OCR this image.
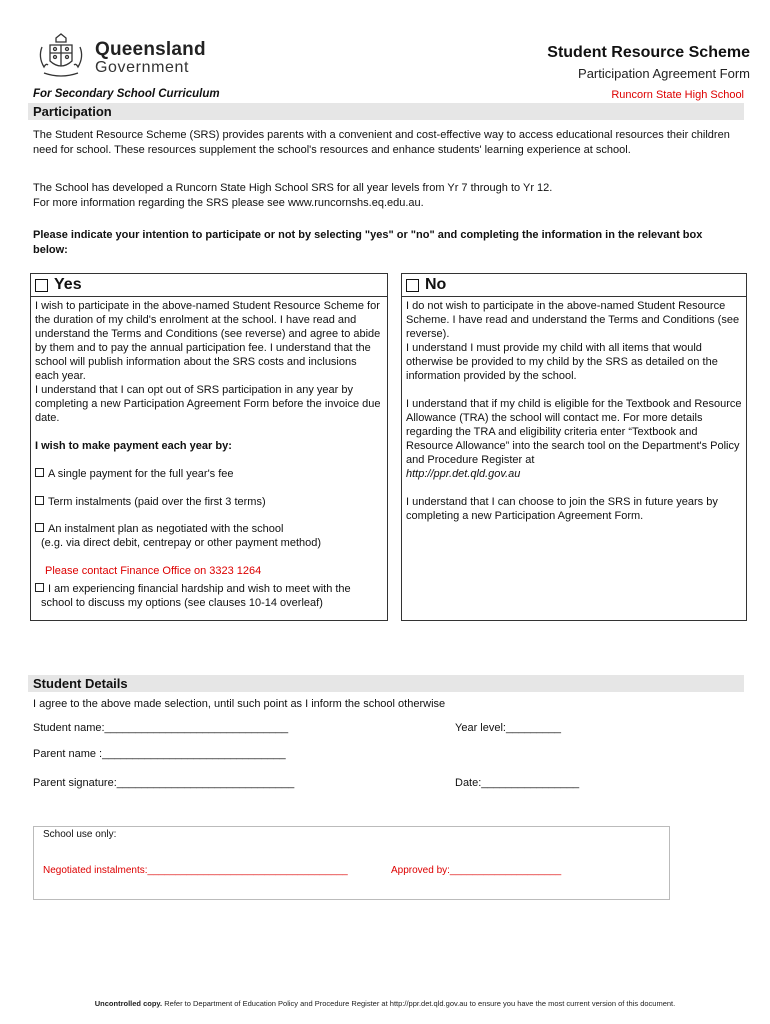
Queensland
Government
Student Resource Scheme
Participation Agreement Form
For Secondary School Curriculum	Runcorn State High School
Participation
The Student Resource Scheme (SRS) provides parents with a convenient and cost-effective way to access educational resources their children need for school. These resources supplement the school's resources and enhance students' learning experience at school.
The School has developed a Runcorn State High School SRS for all year levels from Yr 7 through to Yr 12.
For more information regarding the SRS please see www.runcornshs.eq.edu.au.
Please indicate your intention to participate or not by selecting "yes" or "no" and completing the information in the relevant box below:
Yes
I wish to participate in the above-named Student Resource Scheme for the duration of my child's enrolment at the school. I have read and understand the Terms and Conditions (see reverse) and agree to abide by them and to pay the annual participation fee. I understand that the school will publish information about the SRS costs and inclusions each year.
I understand that I can opt out of SRS participation in any year by completing a new Participation Agreement Form before the invoice due date.
I wish to make payment each year by:
A single payment for the full year's fee
Term instalments (paid over the first 3 terms)
An instalment plan as negotiated with the school
(e.g. via direct debit, centrepay or other payment method)
Please contact Finance Office on 3323 1264
I am experiencing financial hardship and wish to meet with the
school to discuss my options (see clauses 10-14 overleaf)
No
I do not wish to participate in the above-named Student Resource Scheme. I have read and understand the Terms and Conditions (see reverse).
I understand I must provide my child with all items that would otherwise be provided to my child by the SRS as detailed on the information provided by the school.
I understand that if my child is eligible for the Textbook and Resource Allowance (TRA) the school will contact me. For more details regarding the TRA and eligibility criteria enter “Textbook and Resource Allowance” into the search tool on the Department's Policy and Procedure Register at
http://ppr.det.qld.gov.au
I understand that I can choose to join the SRS in future years by completing a new Participation Agreement Form.
Student Details
I agree to the above made selection, until such point as I inform the school otherwise
Student name:______________________________	Year level:_________
Parent name :______________________________
Parent signature:_____________________________	Date:________________
School use only:
Negotiated instalments:____________________________________	Approved by:____________________
Uncontrolled copy. Refer to Department of Education Policy and Procedure Register at http://ppr.det.qld.gov.au to ensure you have the most current version of this document.
